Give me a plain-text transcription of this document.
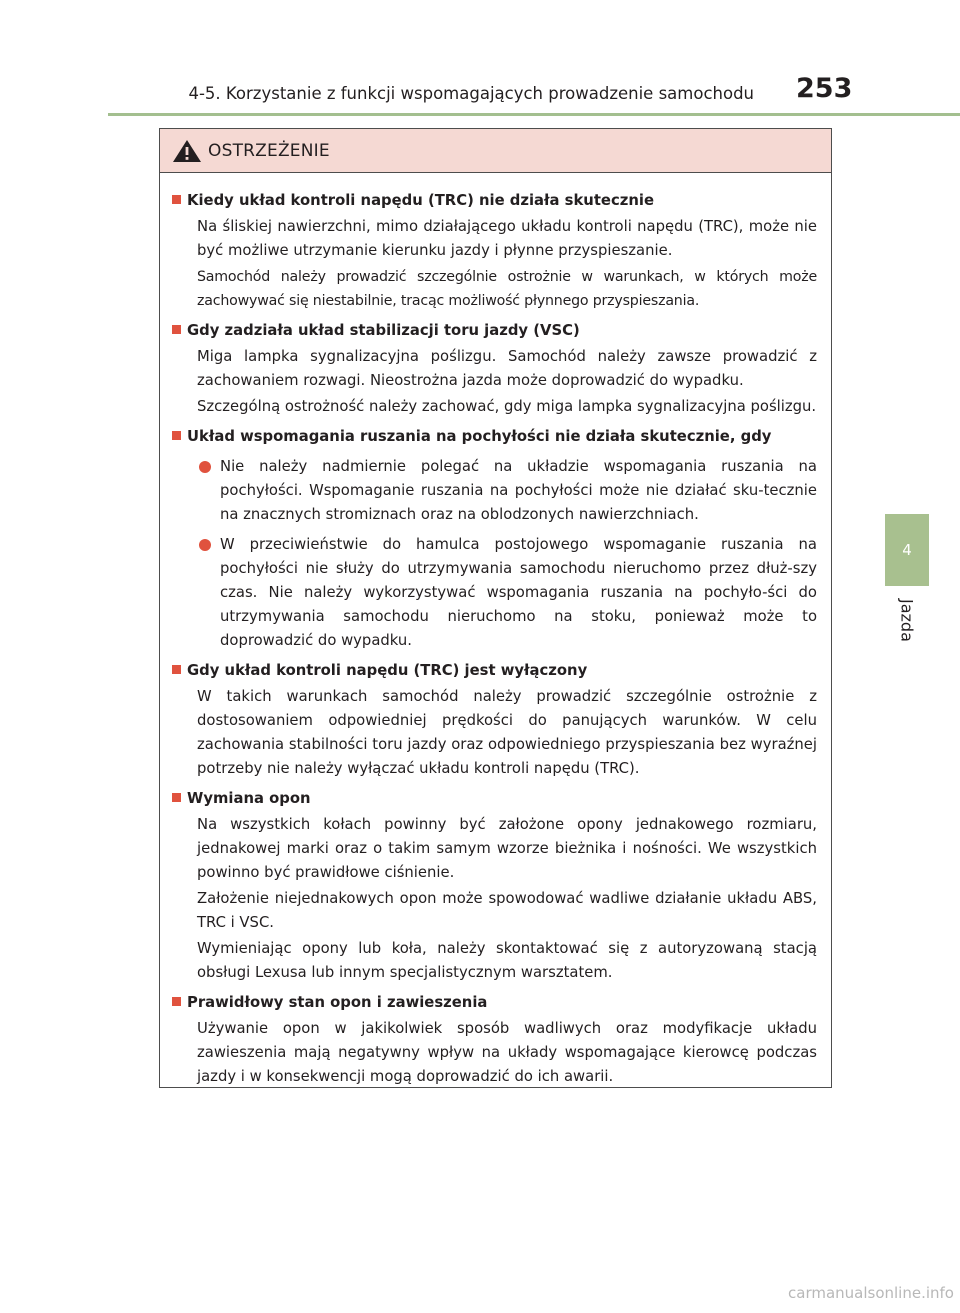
4-5. Korzystanie z funkcji wspomagających prowadzenie samochodu 253
4
Jazda
OSTRZEŻENIE
Kiedy układ kontroli napędu (TRC) nie działa skutecznie
Na śliskiej nawierzchni, mimo działającego układu kontroli napędu (TRC), może nie być możliwe utrzymanie kierunku jazdy i płynne przyspieszanie.
Samochód należy prowadzić szczególnie ostrożnie w warunkach, w których może zachowywać się niestabilnie, tracąc możliwość płynnego przyspieszania.
Gdy zadziała układ stabilizacji toru jazdy (VSC)
Miga lampka sygnalizacyjna poślizgu. Samochód należy zawsze prowadzić z zachowaniem rozwagi. Nieostrożna jazda może doprowadzić do wypadku.
Szczególną ostrożność należy zachować, gdy miga lampka sygnalizacyjna poślizgu.
Układ wspomagania ruszania na pochyłości nie działa skutecznie, gdy
Nie należy nadmiernie polegać na układzie wspomagania ruszania na pochyłości. Wspomaganie ruszania na pochyłości może nie działać sku-tecznie na znacznych stromiznach oraz na oblodzonych nawierzchniach.
W przeciwieństwie do hamulca postojowego wspomaganie ruszania na pochyłości nie służy do utrzymywania samochodu nieruchomo przez dłuż-szy czas. Nie należy wykorzystywać wspomagania ruszania na pochyło-ści do utrzymywania samochodu nieruchomo na stoku, ponieważ może to doprowadzić do wypadku.
Gdy układ kontroli napędu (TRC) jest wyłączony
W takich warunkach samochód należy prowadzić szczególnie ostrożnie z dostosowaniem odpowiedniej prędkości do panujących warunków. W celu zachowania stabilności toru jazdy oraz odpowiedniego przyspieszania bez wyraźnej potrzeby nie należy wyłączać układu kontroli napędu (TRC).
Wymiana opon
Na wszystkich kołach powinny być założone opony jednakowego rozmiaru, jednakowej marki oraz o takim samym wzorze bieżnika i nośności. We wszystkich powinno być prawidłowe ciśnienie.
Założenie niejednakowych opon może spowodować wadliwe działanie układu ABS, TRC i VSC.
Wymieniając opony lub koła, należy skontaktować się z autoryzowaną stacją obsługi Lexusa lub innym specjalistycznym warsztatem.
Prawidłowy stan opon i zawieszenia
Używanie opon w jakikolwiek sposób wadliwych oraz modyfikacje układu zawieszenia mają negatywny wpływ na układy wspomagające kierowcę podczas jazdy i w konsekwencji mogą doprowadzić do ich awarii.
carmanualsonline.info
